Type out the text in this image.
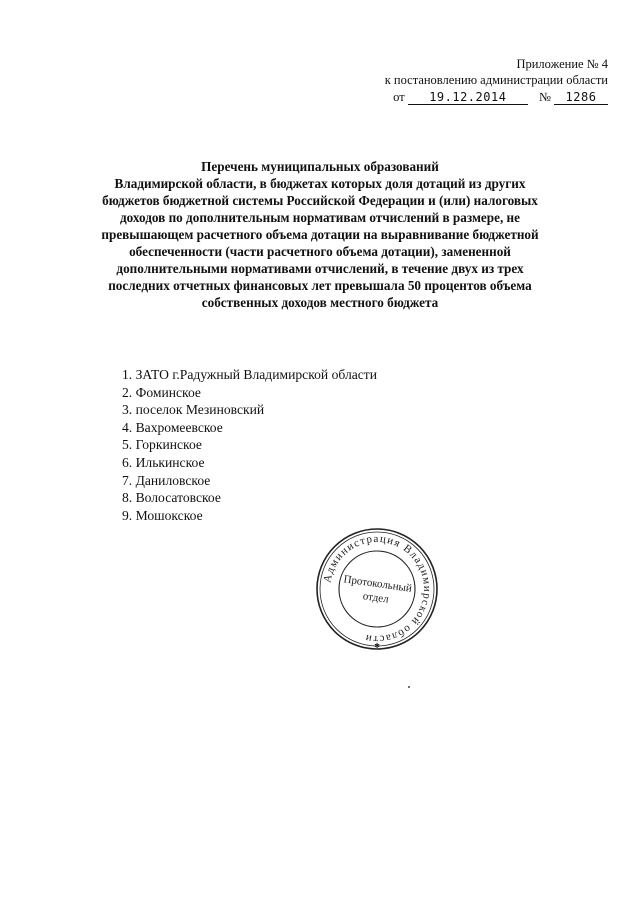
Приложение № 4
к постановлению администрации области
от 19.12.2014	№ 1286
Перечень муниципальных образований
Владимирской области, в бюджетах которых доля дотаций из других
бюджетов бюджетной системы Российской Федерации и (или) налоговых
доходов по дополнительным нормативам отчислений в размере, не
превышающем расчетного объема дотации на выравнивание бюджетной
обеспеченности (части расчетного объема дотации), замененной
дополнительными нормативами отчислений, в течение двух из трех
последних отчетных финансовых лет превышала 50 процентов объема
собственных доходов местного бюджета
1. ЗАТО г.Радужный Владимирской области
2. Фоминское
3. поселок Мезиновский
4. Вахромеевское
5. Горкинское
6. Илькинское
7. Даниловское
8. Волосатовское
9. Мошокское
Администрация Владимирской области
Протокольный
отдел
✱
